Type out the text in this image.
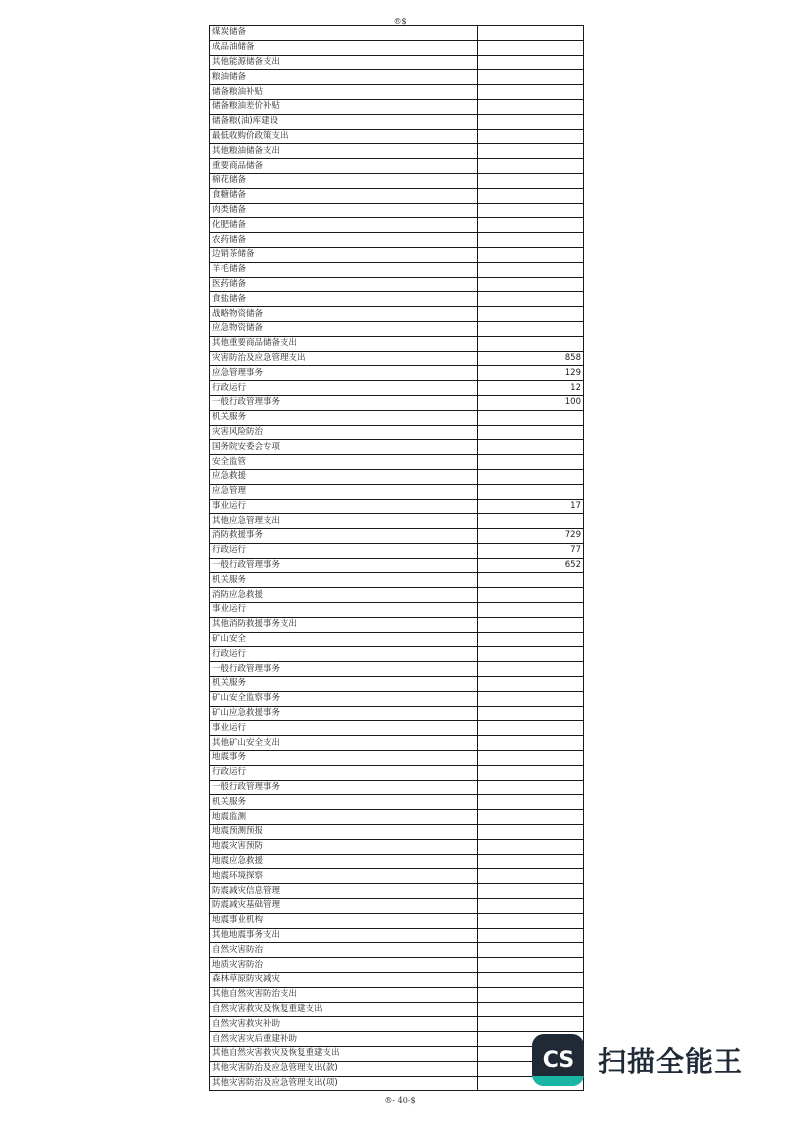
®$
煤炭储备	
成品油储备	
其他能源储备支出	
粮油储备	
储备粮油补贴	
储备粮油差价补贴	
储备粮(油)库建设	
最低收购价政策支出	
其他粮油储备支出	
重要商品储备	
棉花储备	
食糖储备	
肉类储备	
化肥储备	
农药储备	
边销茶储备	
羊毛储备	
医药储备	
食盐储备	
战略物资储备	
应急物资储备	
其他重要商品储备支出	
灾害防治及应急管理支出	858
应急管理事务	129
行政运行	12
一般行政管理事务	100
机关服务	
灾害风险防治	
国务院安委会专项	
安全监管	
应急救援	
应急管理	
事业运行	17
其他应急管理支出	
消防救援事务	729
行政运行	77
一般行政管理事务	652
机关服务	
消防应急救援	
事业运行	
其他消防救援事务支出	
矿山安全	
行政运行	
一般行政管理事务	
机关服务	
矿山安全监察事务	
矿山应急救援事务	
事业运行	
其他矿山安全支出	
地震事务	
行政运行	
一般行政管理事务	
机关服务	
地震监测	
地震预测预报	
地震灾害预防	
地震应急救援	
地震环境探察	
防震减灾信息管理	
防震减灾基础管理	
地震事业机构	
其他地震事务支出	
自然灾害防治	
地质灾害防治	
森林草原防灾减灾	
其他自然灾害防治支出	
自然灾害救灾及恢复重建支出	
自然灾害救灾补助	
自然灾害灾后重建补助	
其他自然灾害救灾及恢复重建支出	
其他灾害防治及应急管理支出(款)	
其他灾害防治及应急管理支出(项)	
®- 40-$
CS 扫描全能王
